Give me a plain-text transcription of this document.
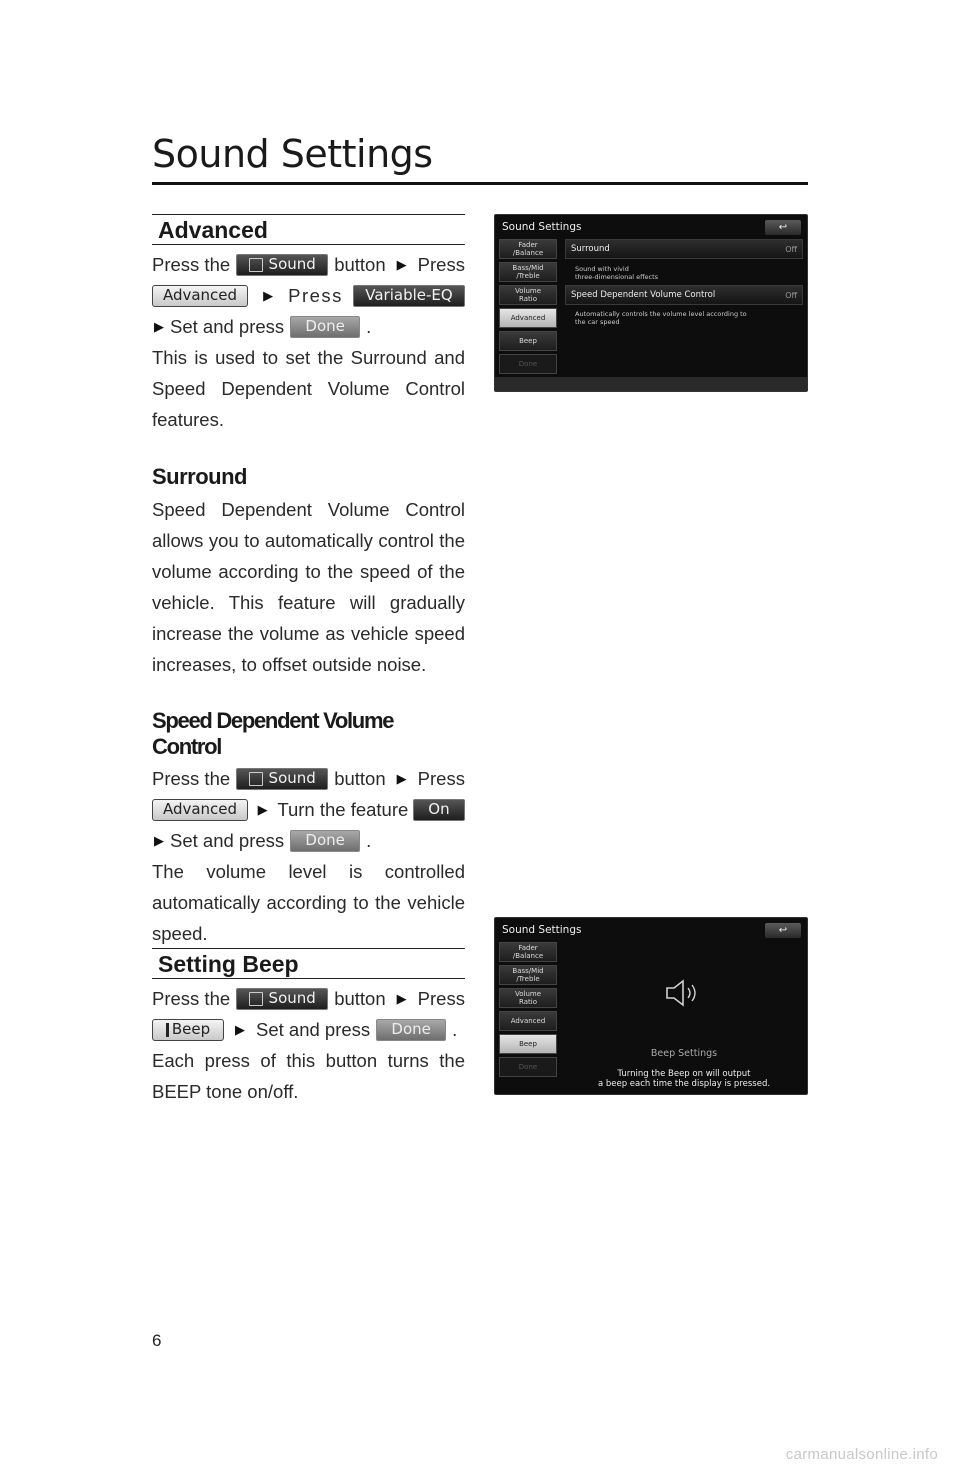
Sound Settings
Advanced
Press the	Sound button ▶ Press
Advanced	▶ Press	Variable-EQ
▶ Set and press	Done	.
This is used to set the Surround and Speed Dependent Volume Control features.
Surround
Speed Dependent Volume Control allows you to automatically control the volume according to the speed of the vehicle. This feature will gradually increase the volume as vehicle speed increases, to offset outside noise.
Speed Dependent Volume Control
Press the	Sound button ▶ Press
Advanced	▶ Turn the feature	On
▶ Set and press	Done	.
The volume level is controlled automatically according to the vehicle speed.
Setting Beep
Press the	Sound button ▶ Press
Beep ▶ Set and press	Done	.
Each press of this button turns the BEEP tone on/off.
Sound Settings	↩
Fader
/Balance
Bass/Mid
/Treble
Volume
Ratio
Advanced
Beep
Done
Surround	Off
Sound with vivid
three-dimensional effects
Speed Dependent Volume Control	Off
Automatically controls the volume level according to
the car speed
Sound Settings	↩
Fader
/Balance
Bass/Mid
/Treble
Volume
Ratio
Advanced
Beep
Done
Beep Settings
Turning the Beep on will output
a beep each time the display is pressed.
6
carmanualsonline.info
